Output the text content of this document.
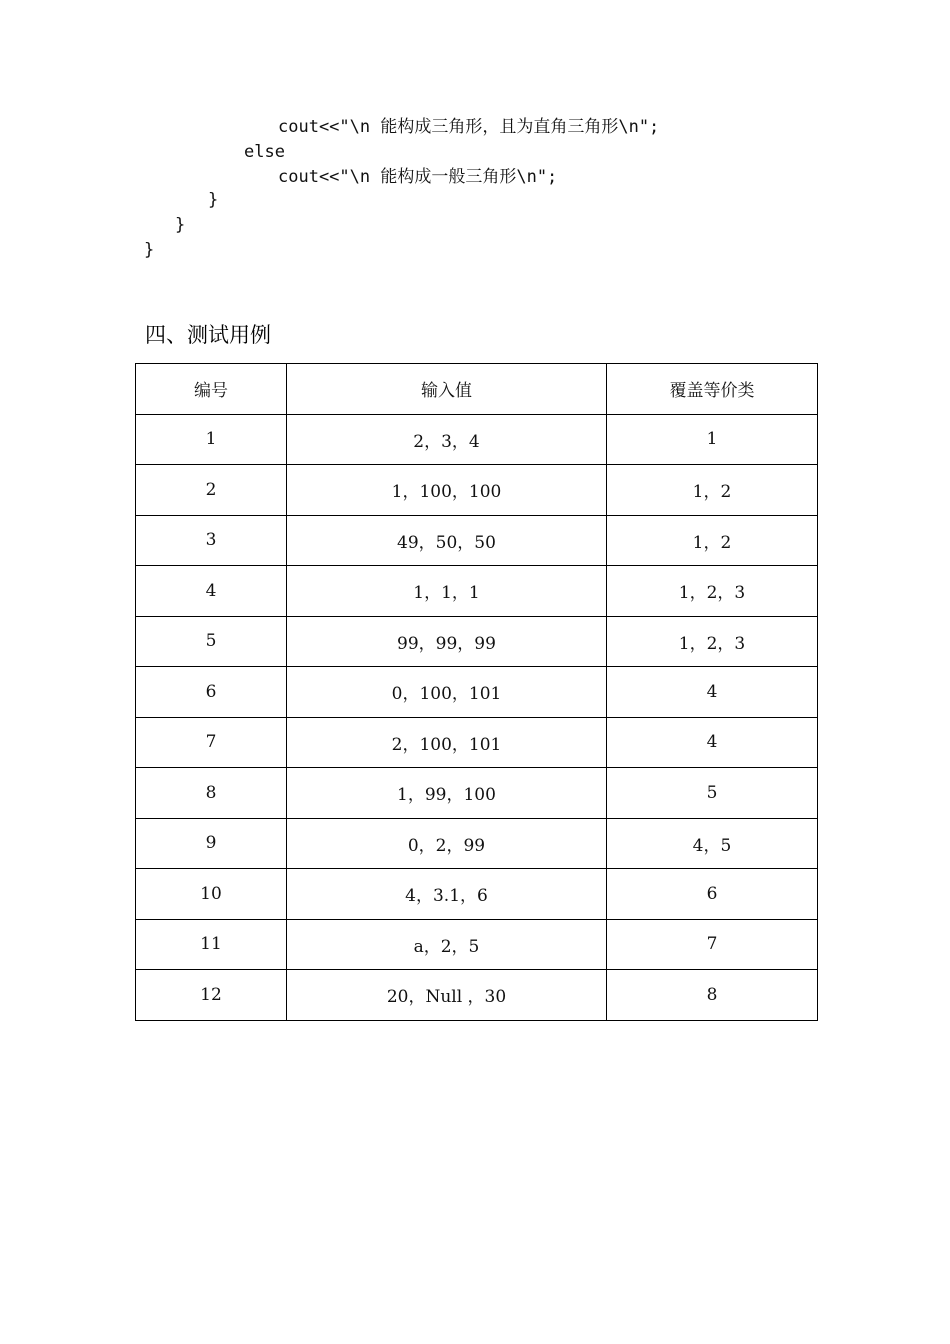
cout<<"\n 能构成三角形，且为直角三角形\n";
else
cout<<"\n 能构成一般三角形\n";
}
}
}
四、测试用例
编号	输入值	覆盖等价类
1	2，3，4	1
2	1，100，100	1，2
3	49，50，50	1，2
4	1，1，1	1，2，3
5	99，99，99	1，2，3
6	0，100，101	4
7	2，100，101	4
8	1，99，100	5
9	0，2，99	4，5
10	4，3.1，6	6
11	a，2，5	7
12	20，Null ，30	8
